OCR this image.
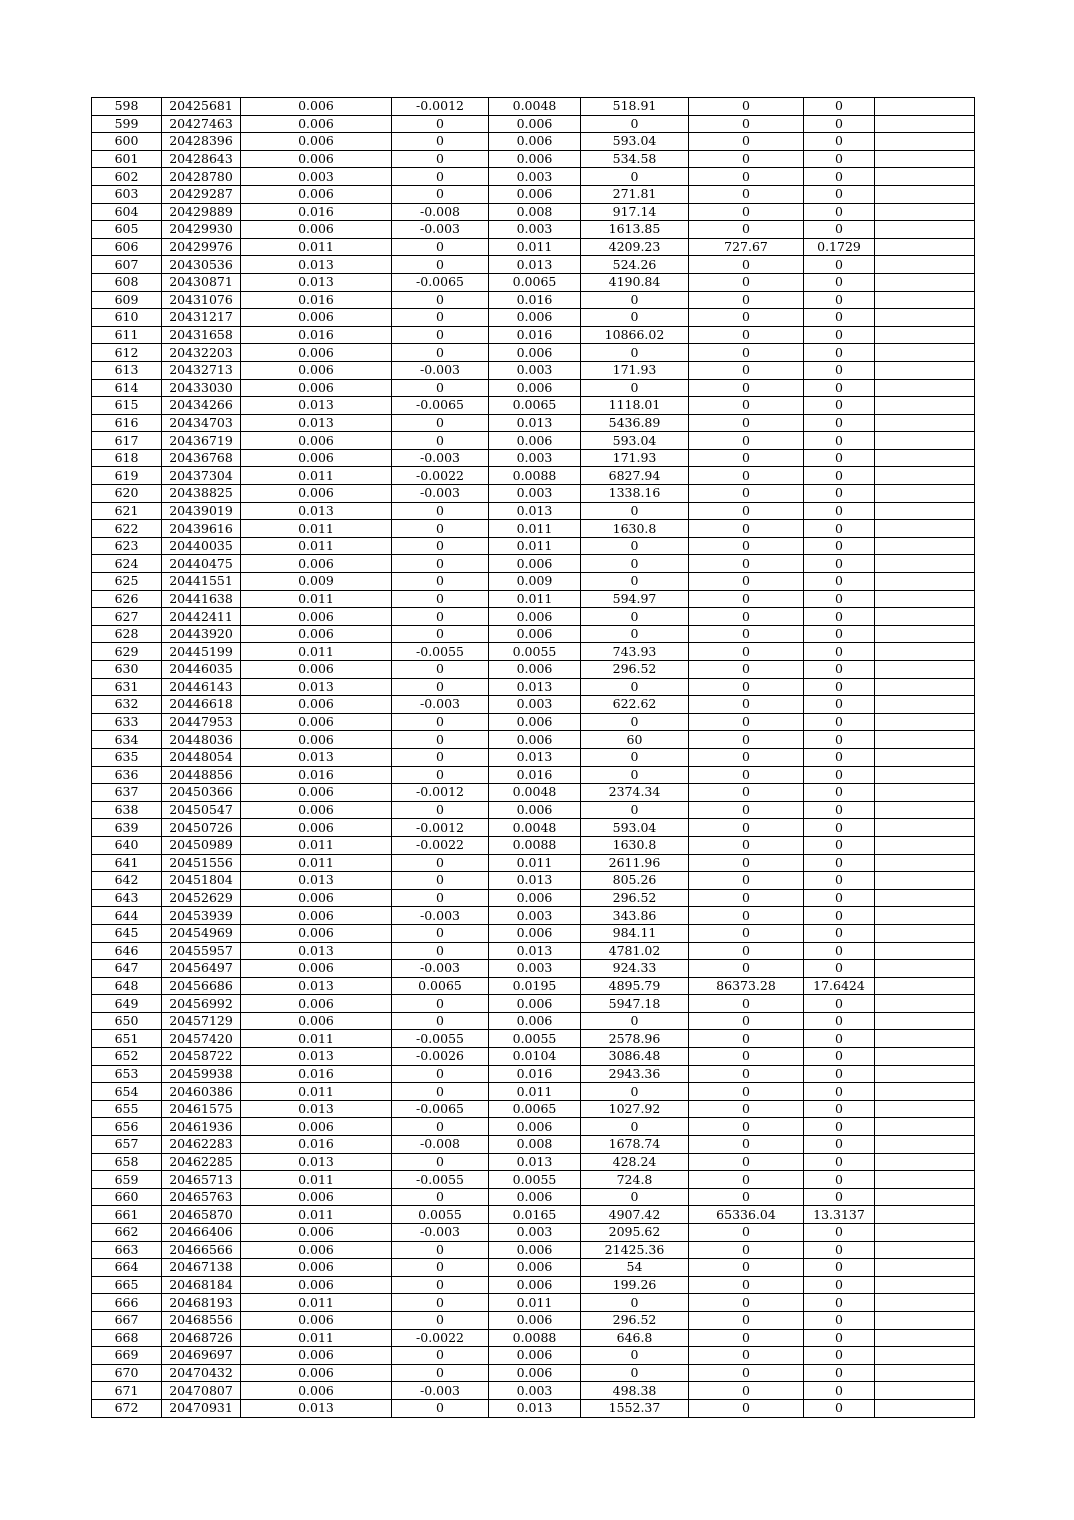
598	20425681	0.006	-0.0012	0.0048	518.91	0	0	
599	20427463	0.006	0	0.006	0	0	0	
600	20428396	0.006	0	0.006	593.04	0	0	
601	20428643	0.006	0	0.006	534.58	0	0	
602	20428780	0.003	0	0.003	0	0	0	
603	20429287	0.006	0	0.006	271.81	0	0	
604	20429889	0.016	-0.008	0.008	917.14	0	0	
605	20429930	0.006	-0.003	0.003	1613.85	0	0	
606	20429976	0.011	0	0.011	4209.23	727.67	0.1729	
607	20430536	0.013	0	0.013	524.26	0	0	
608	20430871	0.013	-0.0065	0.0065	4190.84	0	0	
609	20431076	0.016	0	0.016	0	0	0	
610	20431217	0.006	0	0.006	0	0	0	
611	20431658	0.016	0	0.016	10866.02	0	0	
612	20432203	0.006	0	0.006	0	0	0	
613	20432713	0.006	-0.003	0.003	171.93	0	0	
614	20433030	0.006	0	0.006	0	0	0	
615	20434266	0.013	-0.0065	0.0065	1118.01	0	0	
616	20434703	0.013	0	0.013	5436.89	0	0	
617	20436719	0.006	0	0.006	593.04	0	0	
618	20436768	0.006	-0.003	0.003	171.93	0	0	
619	20437304	0.011	-0.0022	0.0088	6827.94	0	0	
620	20438825	0.006	-0.003	0.003	1338.16	0	0	
621	20439019	0.013	0	0.013	0	0	0	
622	20439616	0.011	0	0.011	1630.8	0	0	
623	20440035	0.011	0	0.011	0	0	0	
624	20440475	0.006	0	0.006	0	0	0	
625	20441551	0.009	0	0.009	0	0	0	
626	20441638	0.011	0	0.011	594.97	0	0	
627	20442411	0.006	0	0.006	0	0	0	
628	20443920	0.006	0	0.006	0	0	0	
629	20445199	0.011	-0.0055	0.0055	743.93	0	0	
630	20446035	0.006	0	0.006	296.52	0	0	
631	20446143	0.013	0	0.013	0	0	0	
632	20446618	0.006	-0.003	0.003	622.62	0	0	
633	20447953	0.006	0	0.006	0	0	0	
634	20448036	0.006	0	0.006	60	0	0	
635	20448054	0.013	0	0.013	0	0	0	
636	20448856	0.016	0	0.016	0	0	0	
637	20450366	0.006	-0.0012	0.0048	2374.34	0	0	
638	20450547	0.006	0	0.006	0	0	0	
639	20450726	0.006	-0.0012	0.0048	593.04	0	0	
640	20450989	0.011	-0.0022	0.0088	1630.8	0	0	
641	20451556	0.011	0	0.011	2611.96	0	0	
642	20451804	0.013	0	0.013	805.26	0	0	
643	20452629	0.006	0	0.006	296.52	0	0	
644	20453939	0.006	-0.003	0.003	343.86	0	0	
645	20454969	0.006	0	0.006	984.11	0	0	
646	20455957	0.013	0	0.013	4781.02	0	0	
647	20456497	0.006	-0.003	0.003	924.33	0	0	
648	20456686	0.013	0.0065	0.0195	4895.79	86373.28	17.6424	
649	20456992	0.006	0	0.006	5947.18	0	0	
650	20457129	0.006	0	0.006	0	0	0	
651	20457420	0.011	-0.0055	0.0055	2578.96	0	0	
652	20458722	0.013	-0.0026	0.0104	3086.48	0	0	
653	20459938	0.016	0	0.016	2943.36	0	0	
654	20460386	0.011	0	0.011	0	0	0	
655	20461575	0.013	-0.0065	0.0065	1027.92	0	0	
656	20461936	0.006	0	0.006	0	0	0	
657	20462283	0.016	-0.008	0.008	1678.74	0	0	
658	20462285	0.013	0	0.013	428.24	0	0	
659	20465713	0.011	-0.0055	0.0055	724.8	0	0	
660	20465763	0.006	0	0.006	0	0	0	
661	20465870	0.011	0.0055	0.0165	4907.42	65336.04	13.3137	
662	20466406	0.006	-0.003	0.003	2095.62	0	0	
663	20466566	0.006	0	0.006	21425.36	0	0	
664	20467138	0.006	0	0.006	54	0	0	
665	20468184	0.006	0	0.006	199.26	0	0	
666	20468193	0.011	0	0.011	0	0	0	
667	20468556	0.006	0	0.006	296.52	0	0	
668	20468726	0.011	-0.0022	0.0088	646.8	0	0	
669	20469697	0.006	0	0.006	0	0	0	
670	20470432	0.006	0	0.006	0	0	0	
671	20470807	0.006	-0.003	0.003	498.38	0	0	
672	20470931	0.013	0	0.013	1552.37	0	0	
